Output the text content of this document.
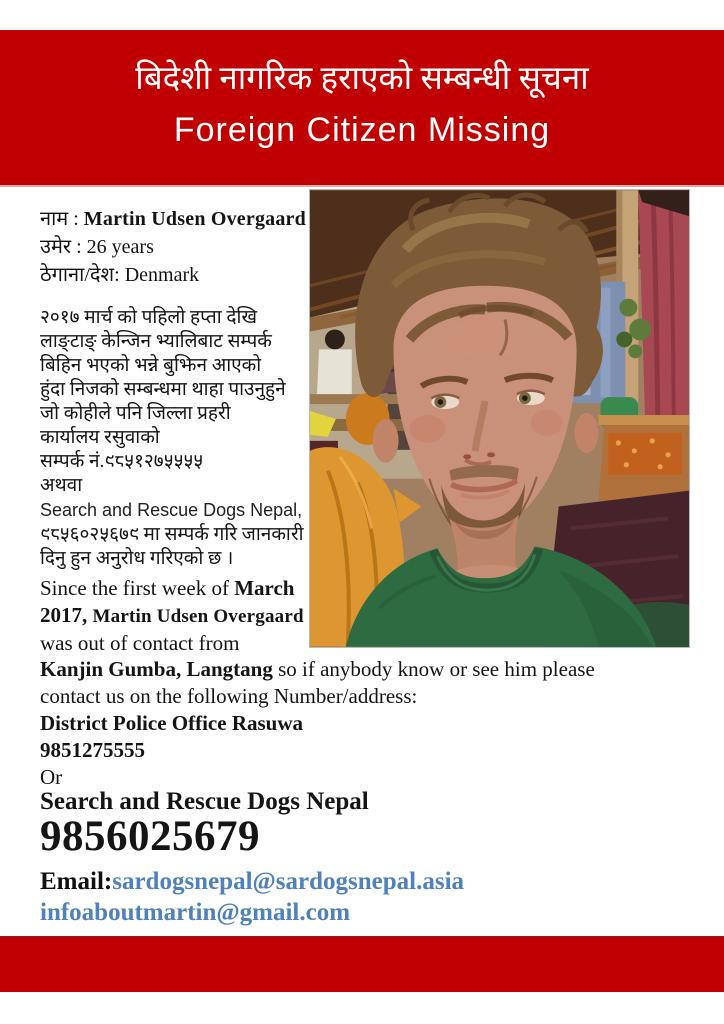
बिदेशी नागरिक हराएको सम्बन्धी सूचना
Foreign Citizen Missing
नाम : Martin Udsen Overgaard
उमेर : 26 years
ठेगाना/देश: Denmark
२०१७ मार्च को पहिलो हप्ता देखि
लाङ्टाङ् केन्जिन भ्यालिबाट सम्पर्क
बिहिन भएको भन्ने बुझिन आएको
हुंदा निजको सम्बन्धमा थाहा पाउनुहुने
जो कोहीले पनि जिल्ला प्रहरी
कार्यालय रसुवाको
सम्पर्क नं.९८५१२७५५५५
अथवा
Search and Rescue Dogs Nepal,
९८५६०२५६७९ मा सम्पर्क गरि जानकारी
दिनु हुन अनुरोध गरिएको छ ।
Since the first week of March
2017, Martin Udsen Overgaard
was out of contact from
Kanjin Gumba, Langtang so if anybody know or see him please
contact us on the following Number/address:
District Police Office Rasuwa
9851275555
Or
Search and Rescue Dogs Nepal
9856025679
Email:sardogsnepal@sardogsnepal.asia
infoaboutmartin@gmail.com
